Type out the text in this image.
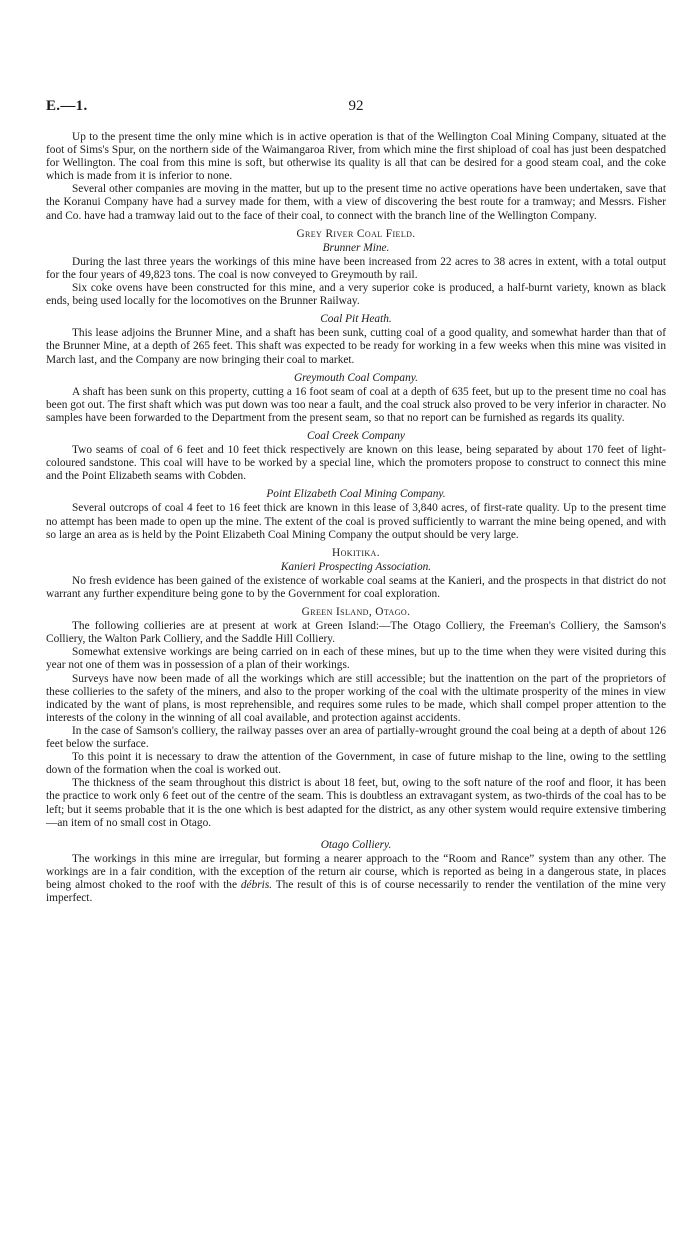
E.—1.	92

Up to the present time the only mine which is in active operation is that of the Wellington Coal Mining Company, situated at the foot of Sims's Spur, on the northern side of the Waimangaroa River, from which mine the first shipload of coal has just been despatched for Wellington. The coal from this mine is soft, but otherwise its quality is all that can be desired for a good steam coal, and the coke which is made from it is inferior to none.

Several other companies are moving in the matter, but up to the present time no active operations have been undertaken, save that the Koranui Company have had a survey made for them, with a view of discovering the best route for a tramway; and Messrs. Fisher and Co. have had a tramway laid out to the face of their coal, to connect with the branch line of the Wellington Company.

Grey River Coal Field.
Brunner Mine.

During the last three years the workings of this mine have been increased from 22 acres to 38 acres in extent, with a total output for the four years of 49,823 tons. The coal is now conveyed to Greymouth by rail.

Six coke ovens have been constructed for this mine, and a very superior coke is produced, a half-burnt variety, known as black ends, being used locally for the locomotives on the Brunner Railway.

Coal Pit Heath.

This lease adjoins the Brunner Mine, and a shaft has been sunk, cutting coal of a good quality, and somewhat harder than that of the Brunner Mine, at a depth of 265 feet. This shaft was expected to be ready for working in a few weeks when this mine was visited in March last, and the Company are now bringing their coal to market.

Greymouth Coal Company.

A shaft has been sunk on this property, cutting a 16 foot seam of coal at a depth of 635 feet, but up to the present time no coal has been got out. The first shaft which was put down was too near a fault, and the coal struck also proved to be very inferior in character. No samples have been forwarded to the Department from the present seam, so that no report can be furnished as regards its quality.

Coal Creek Company

Two seams of coal of 6 feet and 10 feet thick respectively are known on this lease, being separated by about 170 feet of light-coloured sandstone. This coal will have to be worked by a special line, which the promoters propose to construct to connect this mine and the Point Elizabeth seams with Cobden.

Point Elizabeth Coal Mining Company.

Several outcrops of coal 4 feet to 16 feet thick are known in this lease of 3,840 acres, of first-rate quality. Up to the present time no attempt has been made to open up the mine. The extent of the coal is proved sufficiently to warrant the mine being opened, and with so large an area as is held by the Point Elizabeth Coal Mining Company the output should be very large.

Hokitika.
Kanieri Prospecting Association.

No fresh evidence has been gained of the existence of workable coal seams at the Kanieri, and the prospects in that district do not warrant any further expenditure being gone to by the Government for coal exploration.

Green Island, Otago.

The following collieries are at present at work at Green Island:—The Otago Colliery, the Freeman's Colliery, the Samson's Colliery, the Walton Park Colliery, and the Saddle Hill Colliery.

Somewhat extensive workings are being carried on in each of these mines, but up to the time when they were visited during this year not one of them was in possession of a plan of their workings.

Surveys have now been made of all the workings which are still accessible; but the inattention on the part of the proprietors of these collieries to the safety of the miners, and also to the proper working of the coal with the ultimate prosperity of the mines in view indicated by the want of plans, is most reprehensible, and requires some rules to be made, which shall compel proper attention to the interests of the colony in the winning of all coal available, and protection against accidents.

In the case of Samson's colliery, the railway passes over an area of partially-wrought ground the coal being at a depth of about 126 feet below the surface.

To this point it is necessary to draw the attention of the Government, in case of future mishap to the line, owing to the settling down of the formation when the coal is worked out.

The thickness of the seam throughout this district is about 18 feet, but, owing to the soft nature of the roof and floor, it has been the practice to work only 6 feet out of the centre of the seam. This is doubtless an extravagant system, as two-thirds of the coal has to be left; but it seems probable that it is the one which is best adapted for the district, as any other system would require extensive timbering —an item of no small cost in Otago.

Otago Colliery.

The workings in this mine are irregular, but forming a nearer approach to the “Room and Rance” system than any other. The workings are in a fair condition, with the exception of the return air course, which is reported as being in a dangerous state, in places being almost choked to the roof with the débris. The result of this is of course necessarily to render the ventilation of the mine very imperfect.
